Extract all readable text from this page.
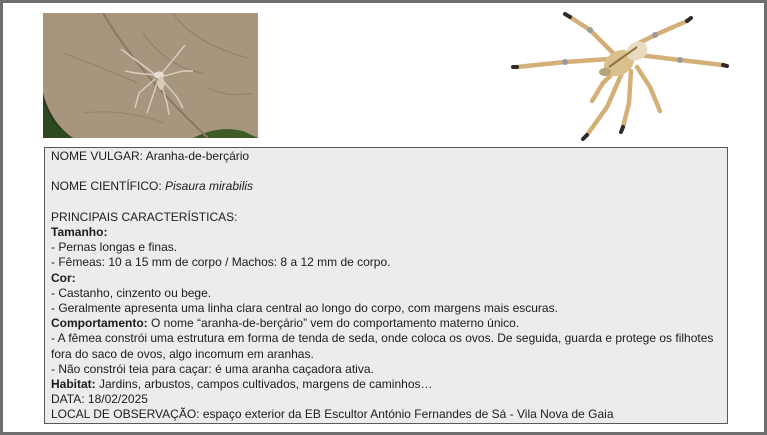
NOME VULGAR: Aranha-de-berçário

NOME CIENTÍFICO: Pisaura mirabilis

PRINCIPAIS CARACTERÍSTICAS:

Tamanho:

- Pernas longas e finas.

- Fêmeas: 10 a 15 mm de corpo / Machos: 8 a 12 mm de corpo.

Cor:

- Castanho, cinzento ou bege.

- Geralmente apresenta uma linha clara central ao longo do corpo, com margens mais escuras.

Comportamento: O nome “aranha-de-berçário” vem do comportamento materno único.

- A fêmea constrói uma estrutura em forma de tenda de seda, onde coloca os ovos. De seguida, guarda e protege os filhotes fora do saco de ovos, algo incomum em aranhas.

- Não constrói teia para caçar: é uma aranha caçadora ativa.

Habitat: Jardins, arbustos, campos cultivados, margens de caminhos…

DATA: 18/02/2025

LOCAL DE OBSERVAÇÃO: espaço exterior da EB Escultor António Fernandes de Sá - Vila Nova de Gaia
